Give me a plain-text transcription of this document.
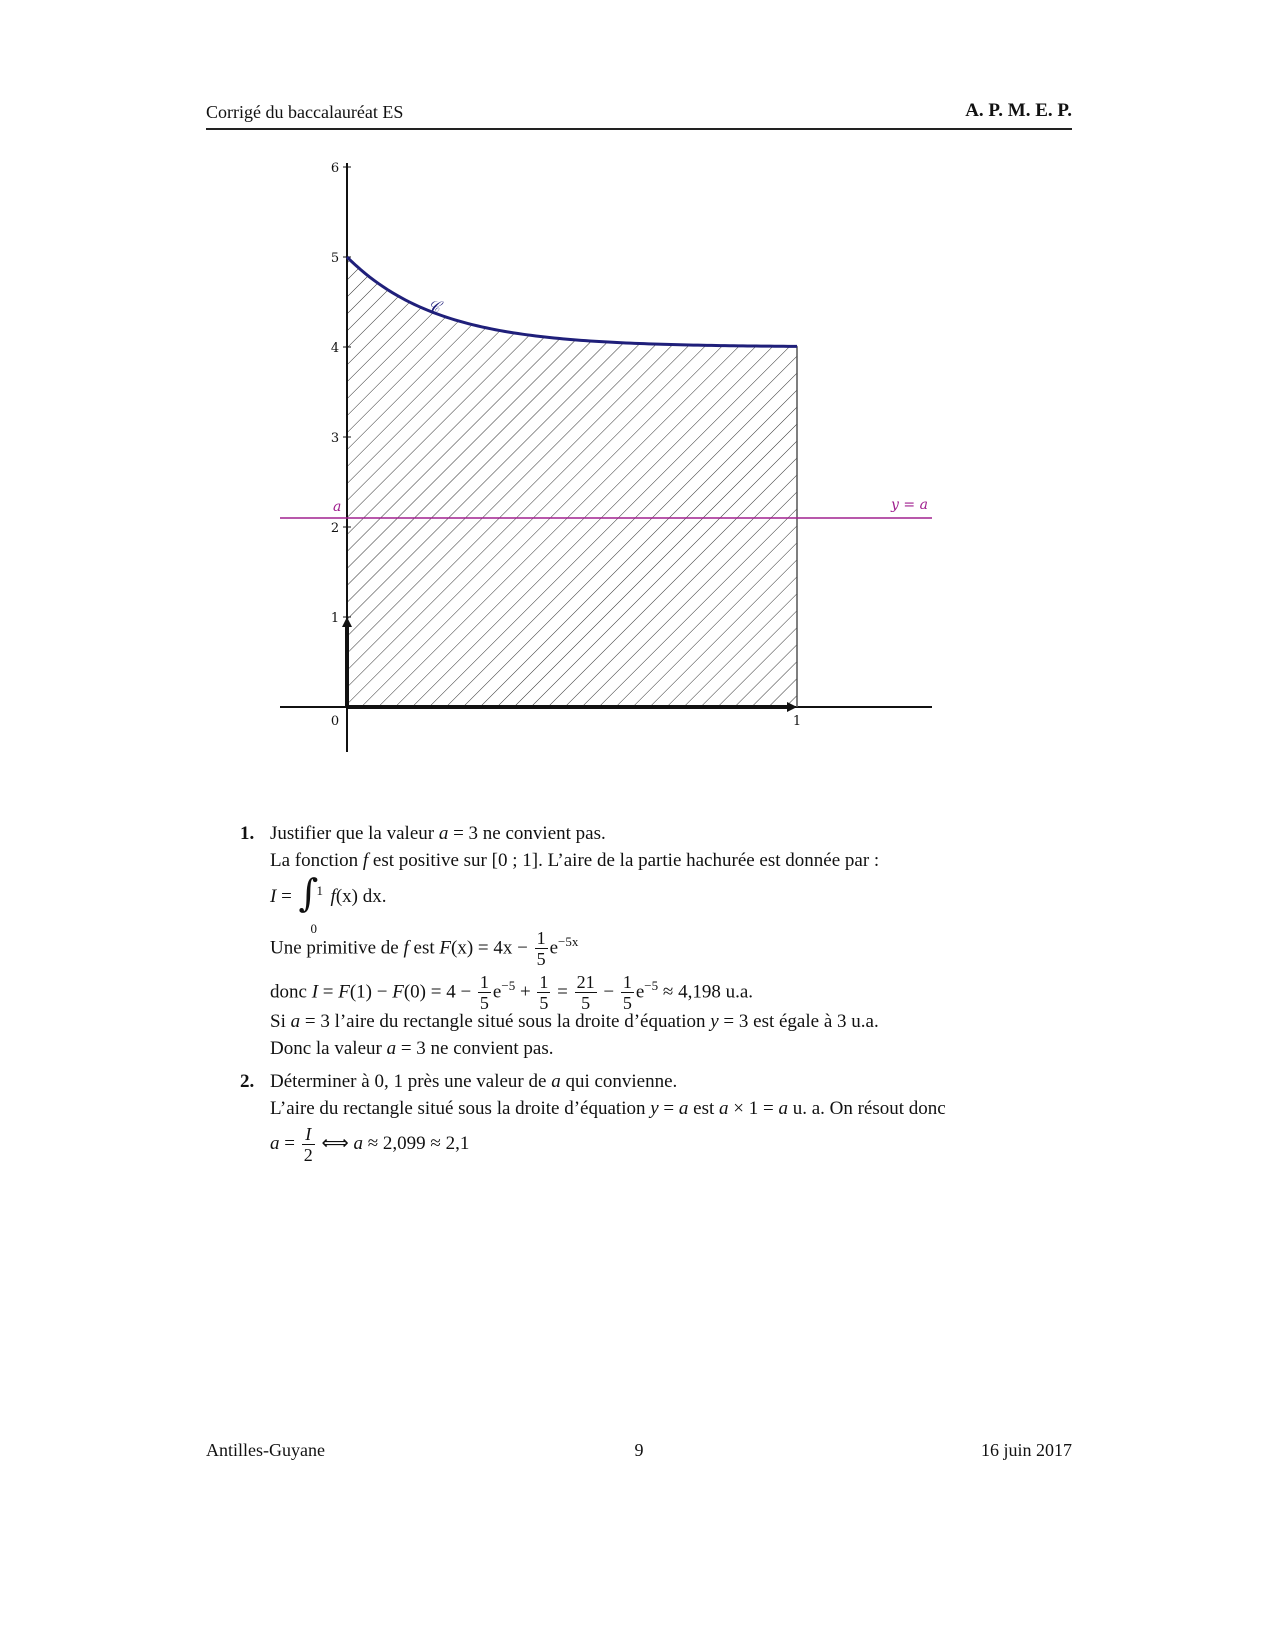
Corrigé du baccalauréat ES	A. P. M. E. P.
1
2
3
4
5
6
0	1
𝒞
a	y = a
1. Justifier que la valeur a = 3 ne convient pas.
La fonction f est positive sur [0 ; 1]. L’aire de la partie hachurée est donnée par :
I = ∫
1
0
f(x) dx.
Une primitive de f est $F(x) = 4x - \frac{1}{5} e^{-5x}$
donc $I = F(1) - F(0) = 4 - \frac{1}{5} e^{-5} + \frac{1}{5} = \frac{21}{5} - \frac{1}{5} e^{-5} \approx 4,198$ u.a.
Si a = 3 l’aire du rectangle situé sous la droite d’équation y = 3 est égale à 3 u.a.
Donc la valeur a = 3 ne convient pas.
2. Déterminer à 0, 1 près une valeur de a qui convienne.
L’aire du rectangle situé sous la droite d’équation y = a est a × 1 = a u. a. On résout donc
$a = \frac{I}{2}$ ⟺ a ≈ 2,099 ≈ 2,1
Antilles-Guyane	9	16 juin 2017
